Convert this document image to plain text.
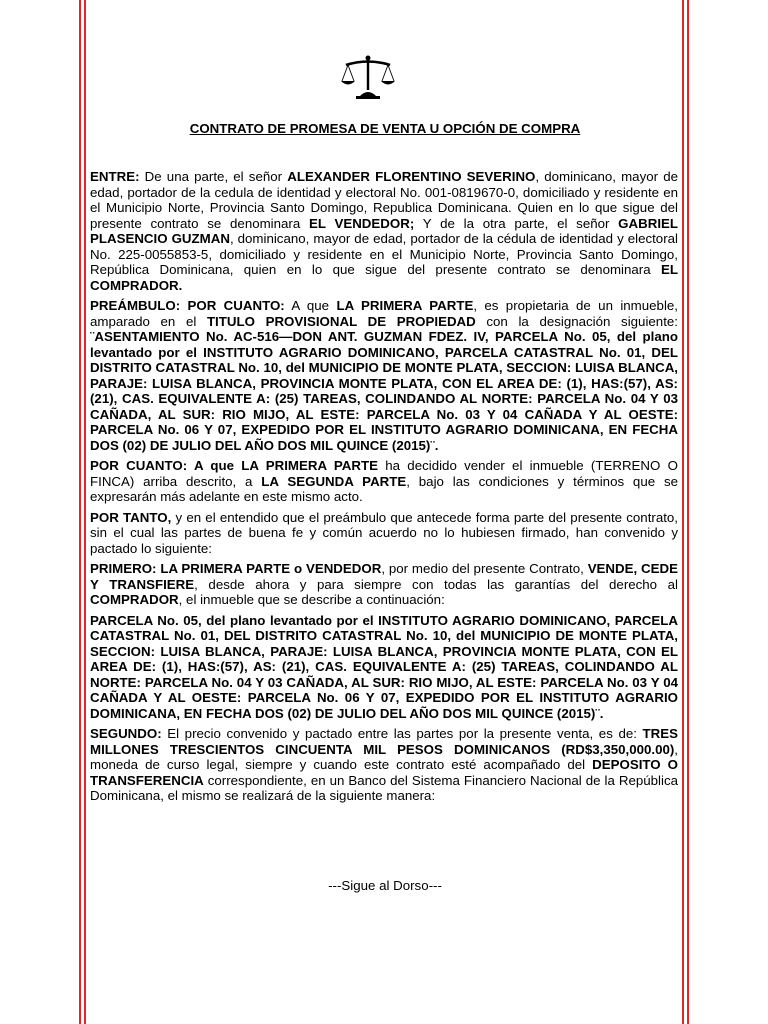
CONTRATO DE PROMESA DE VENTA U OPCIÓN DE COMPRA

ENTRE: De una parte, el señor ALEXANDER FLORENTINO SEVERINO, dominicano, mayor de edad, portador de la cedula de identidad y electoral No. 001-0819670-0, domiciliado y residente en el Municipio Norte, Provincia Santo Domingo, Republica Dominicana. Quien en lo que sigue del presente contrato se denominara EL VENDEDOR; Y de la otra parte, el señor GABRIEL PLASENCIO GUZMAN, dominicano, mayor de edad, portador de la cédula de identidad y electoral No. 225-0055853-5, domiciliado y residente en el Municipio Norte, Provincia Santo Domingo, República Dominicana, quien en lo que sigue del presente contrato se denominara EL COMPRADOR.

PREÁMBULO: POR CUANTO: A que LA PRIMERA PARTE, es propietaria de un inmueble, amparado en el TITULO PROVISIONAL DE PROPIEDAD con la designación siguiente: ¨ASENTAMIENTO No. AC-516—DON ANT. GUZMAN FDEZ. IV, PARCELA No. 05, del plano levantado por el INSTITUTO AGRARIO DOMINICANO, PARCELA CATASTRAL No. 01, DEL DISTRITO CATASTRAL No. 10, del MUNICIPIO DE MONTE PLATA, SECCION: LUISA BLANCA, PARAJE: LUISA BLANCA, PROVINCIA MONTE PLATA, CON EL AREA DE: (1), HAS:(57), AS: (21), CAS. EQUIVALENTE A: (25) TAREAS, COLINDANDO AL NORTE: PARCELA No. 04 Y 03 CAÑADA, AL SUR: RIO MIJO, AL ESTE: PARCELA No. 03 Y 04 CAÑADA Y AL OESTE: PARCELA No. 06 Y 07, EXPEDIDO POR EL INSTITUTO AGRARIO DOMINICANA, EN FECHA DOS (02) DE JULIO DEL AÑO DOS MIL QUINCE (2015)¨.

POR CUANTO: A que LA PRIMERA PARTE ha decidido vender el inmueble (TERRENO O FINCA) arriba descrito, a LA SEGUNDA PARTE, bajo las condiciones y términos que se expresarán más adelante en este mismo acto.

POR TANTO, y en el entendido que el preámbulo que antecede forma parte del presente contrato, sin el cual las partes de buena fe y común acuerdo no lo hubiesen firmado, han convenido y pactado lo siguiente:

PRIMERO: LA PRIMERA PARTE o VENDEDOR, por medio del presente Contrato, VENDE, CEDE Y TRANSFIERE, desde ahora y para siempre con todas las garantías del derecho al COMPRADOR, el inmueble que se describe a continuación:

PARCELA No. 05, del plano levantado por el INSTITUTO AGRARIO DOMINICANO, PARCELA CATASTRAL No. 01, DEL DISTRITO CATASTRAL No. 10, del MUNICIPIO DE MONTE PLATA, SECCION: LUISA BLANCA, PARAJE: LUISA BLANCA, PROVINCIA MONTE PLATA, CON EL AREA DE: (1), HAS:(57), AS: (21), CAS. EQUIVALENTE A: (25) TAREAS, COLINDANDO AL NORTE: PARCELA No. 04 Y 03 CAÑADA, AL SUR: RIO MIJO, AL ESTE: PARCELA No. 03 Y 04 CAÑADA Y AL OESTE: PARCELA No. 06 Y 07, EXPEDIDO POR EL INSTITUTO AGRARIO DOMINICANA, EN FECHA DOS (02) DE JULIO DEL AÑO DOS MIL QUINCE (2015)¨.

SEGUNDO: El precio convenido y pactado entre las partes por la presente venta, es de: TRES MILLONES TRESCIENTOS CINCUENTA MIL PESOS DOMINICANOS (RD$3,350,000.00), moneda de curso legal, siempre y cuando este contrato esté acompañado del DEPOSITO O TRANSFERENCIA correspondiente, en un Banco del Sistema Financiero Nacional de la República Dominicana, el mismo se realizará de la siguiente manera:

---Sigue al Dorso---
